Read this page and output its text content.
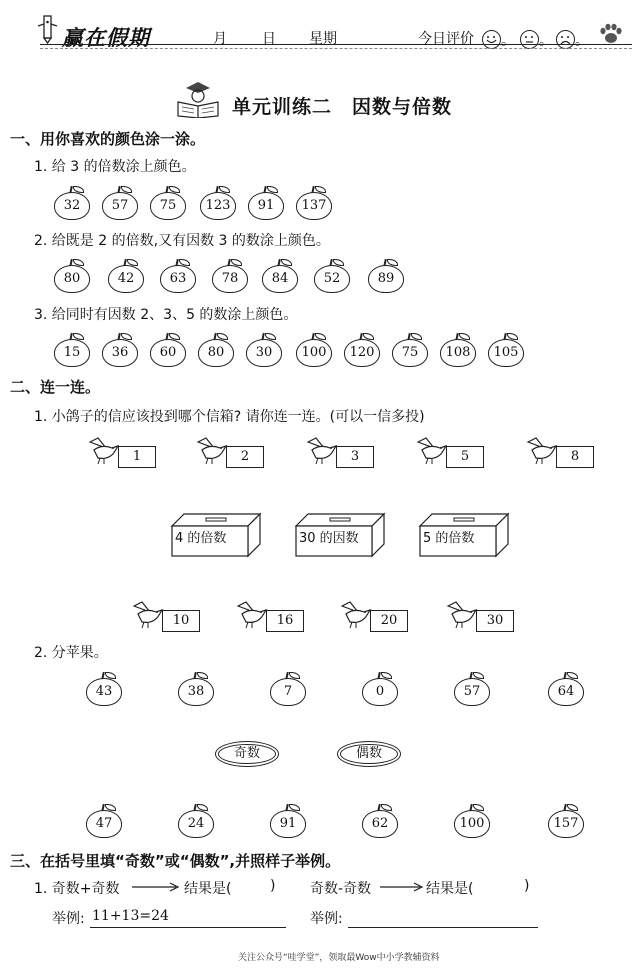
赢在假期	月	日 星期	今日评价 。 。 。
单元训练二　因数与倍数
一、用你喜欢的颜色涂一涂。
1. 给 3 的倍数涂上颜色。
2. 给既是 2 的倍数,又有因数 3 的数涂上颜色。
3. 给同时有因数 2、3、5 的数涂上颜色。
二、连一连。
1. 小鸽子的信应该投到哪个信箱? 请你连一连。(可以一信多投)
2. 分苹果。
奇数	偶数
三、在括号里填“奇数”或“偶数”,并照样子举例。
1. 奇数+奇数	结果是(	) 奇数-奇数	结果是(	)
举例: 11+13=24	举例:
关注公众号“哇学堂”，领取最Wow中小学教辅资料
32	57	75	123	91	137
80	42	63	78	84	52	89
15	36	60	80	30	100	120	75	108	105
43	38	7	0	57	64
47	24	91	62	100	157
1	2	3	5	8
10	16	20	30
4 的倍数	30 的因数	5 的倍数
